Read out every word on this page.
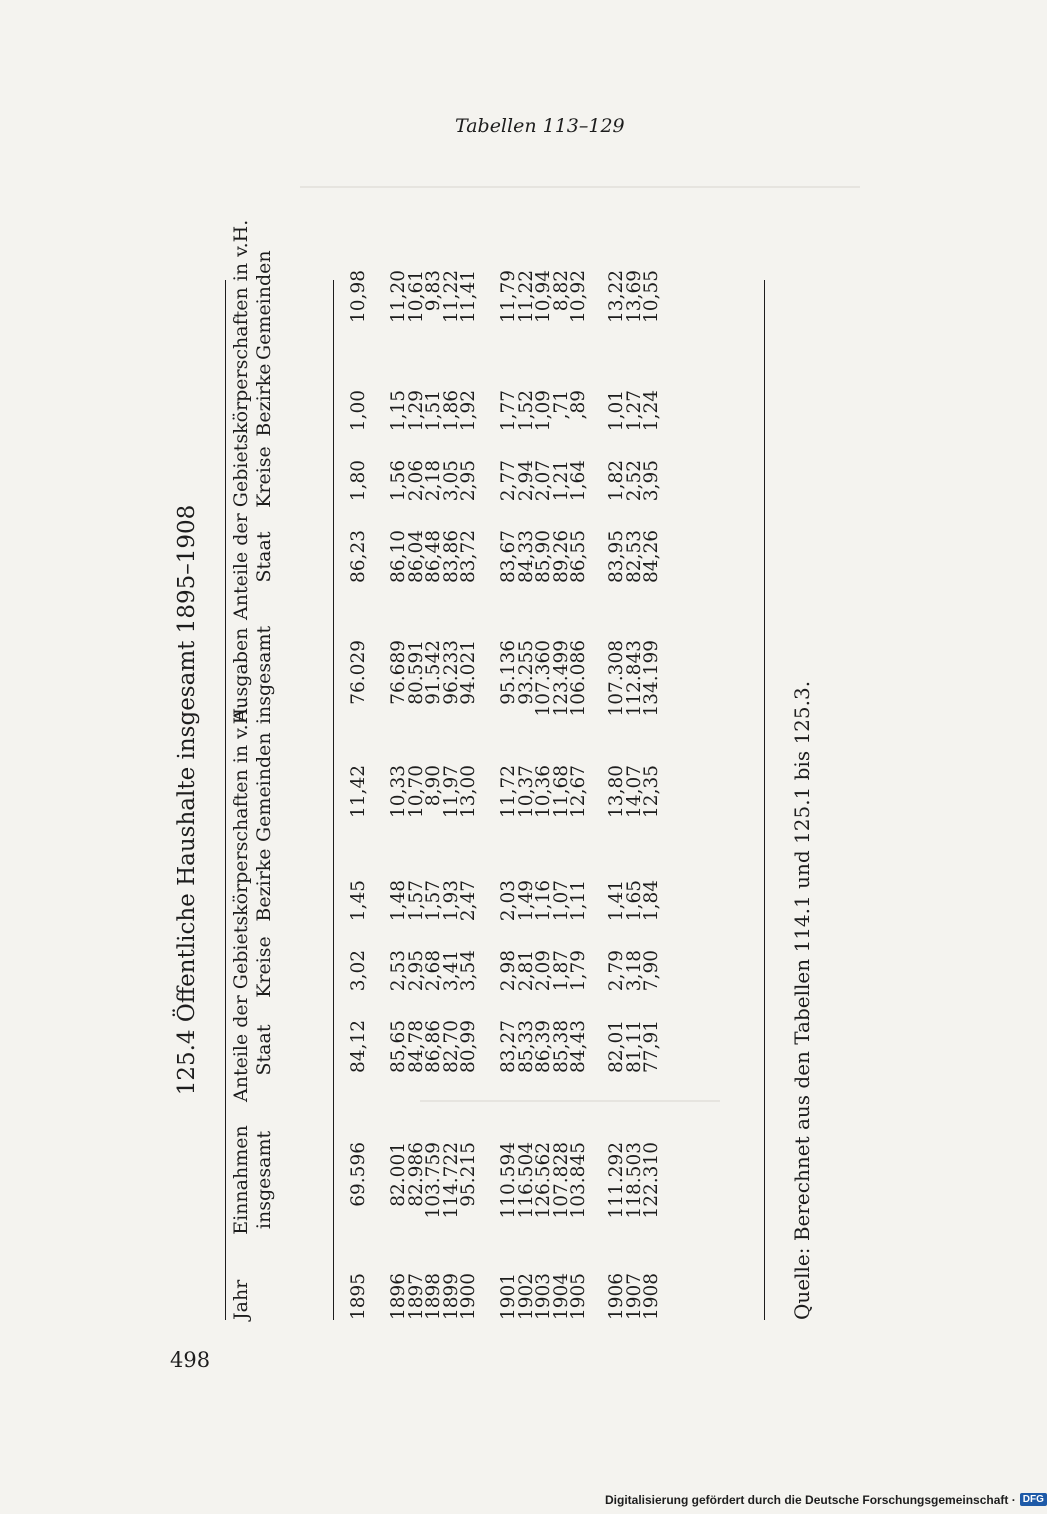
Tabellen 113–129
498
125.4 Öffentliche Haushalte insgesamt 1895–1908
Jahr
Einnahmen insgesamt
Anteile der Gebietskörperschaften in v.H. Staat
Kreise
Bezirke
Gemeinden
Ausgaben insgesamt
Anteile der Gebietskörperschaften in v.H. Staat
Kreise
Bezirke
Gemeinden
1895
69.596
84,12
3,02
1,45
11,42
76.029
86,23
1,80
1,00
10,98
1896
82.001
85,65
2,53
1,48
10,33
76.689
86,10
1,56
1,15
11,20
1897
82.986
84,78
2,95
1,57
10,70
80.591
86,04
2,06
1,29
10,61
1898
103.759
86,86
2,68
1,57
8,90
91.542
86,48
2,18
1,51
9,83
1899
114.722
82,70
3,41
1,93
11,97
96.233
83,86
3,05
1,86
11,22
1900
95.215
80,99
3,54
2,47
13,00
94.021
83,72
2,95
1,92
11,41
1901
110.594
83,27
2,98
2,03
11,72
95.136
83,67
2,77
1,77
11,79
1902
116.504
85,33
2,81
1,49
10,37
93.255
84,33
2,94
1,52
11,22
1903
126.562
86,39
2,09
1,16
10,36
107.360
85,90
2,07
1,09
10,94
1904
107.828
85,38
1,87
1,07
11,68
123.499
89,26
1,21
,71
8,82
1905
103.845
84,43
1,79
1,11
12,67
106.086
86,55
1,64
,89
10,92
1906
111.292
82,01
2,79
1,41
13,80
107.308
83,95
1,82
1,01
13,22
1907
118.503
81,11
3,18
1,65
14,07
112.843
82,53
2,52
1,27
13,69
1908
122.310
77,91
7,90
1,84
12,35
134.199
84,26
3,95
1,24
10,55
Quelle: Berechnet aus den Tabellen 114.1 und 125.1 bis 125.3.
Digitalisierung gefördert durch die Deutsche Forschungsgemeinschaft · DFG
